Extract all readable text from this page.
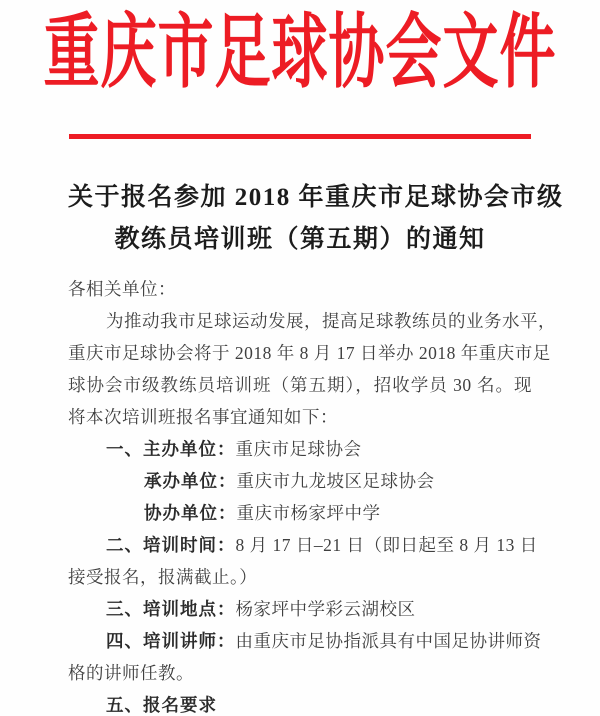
重庆市足球协会文件
关于报名参加 2018 年重庆市足球协会市级
教练员培训班（第五期）的通知
各相关单位：
为推动我市足球运动发展，提高足球教练员的业务水平，
重庆市足球协会将于 2018 年 8 月 17 日举办 2018 年重庆市足
球协会市级教练员培训班（第五期），招收学员 30 名。现
将本次培训班报名事宜通知如下：
一、主办单位：重庆市足球协会
承办单位：重庆市九龙坡区足球协会
协办单位：重庆市杨家坪中学
二、培训时间：8 月 17 日–21 日（即日起至 8 月 13 日
接受报名，报满截止。）
三、培训地点：杨家坪中学彩云湖校区
四、培训讲师：由重庆市足协指派具有中国足协讲师资
格的讲师任教。
五、报名要求
